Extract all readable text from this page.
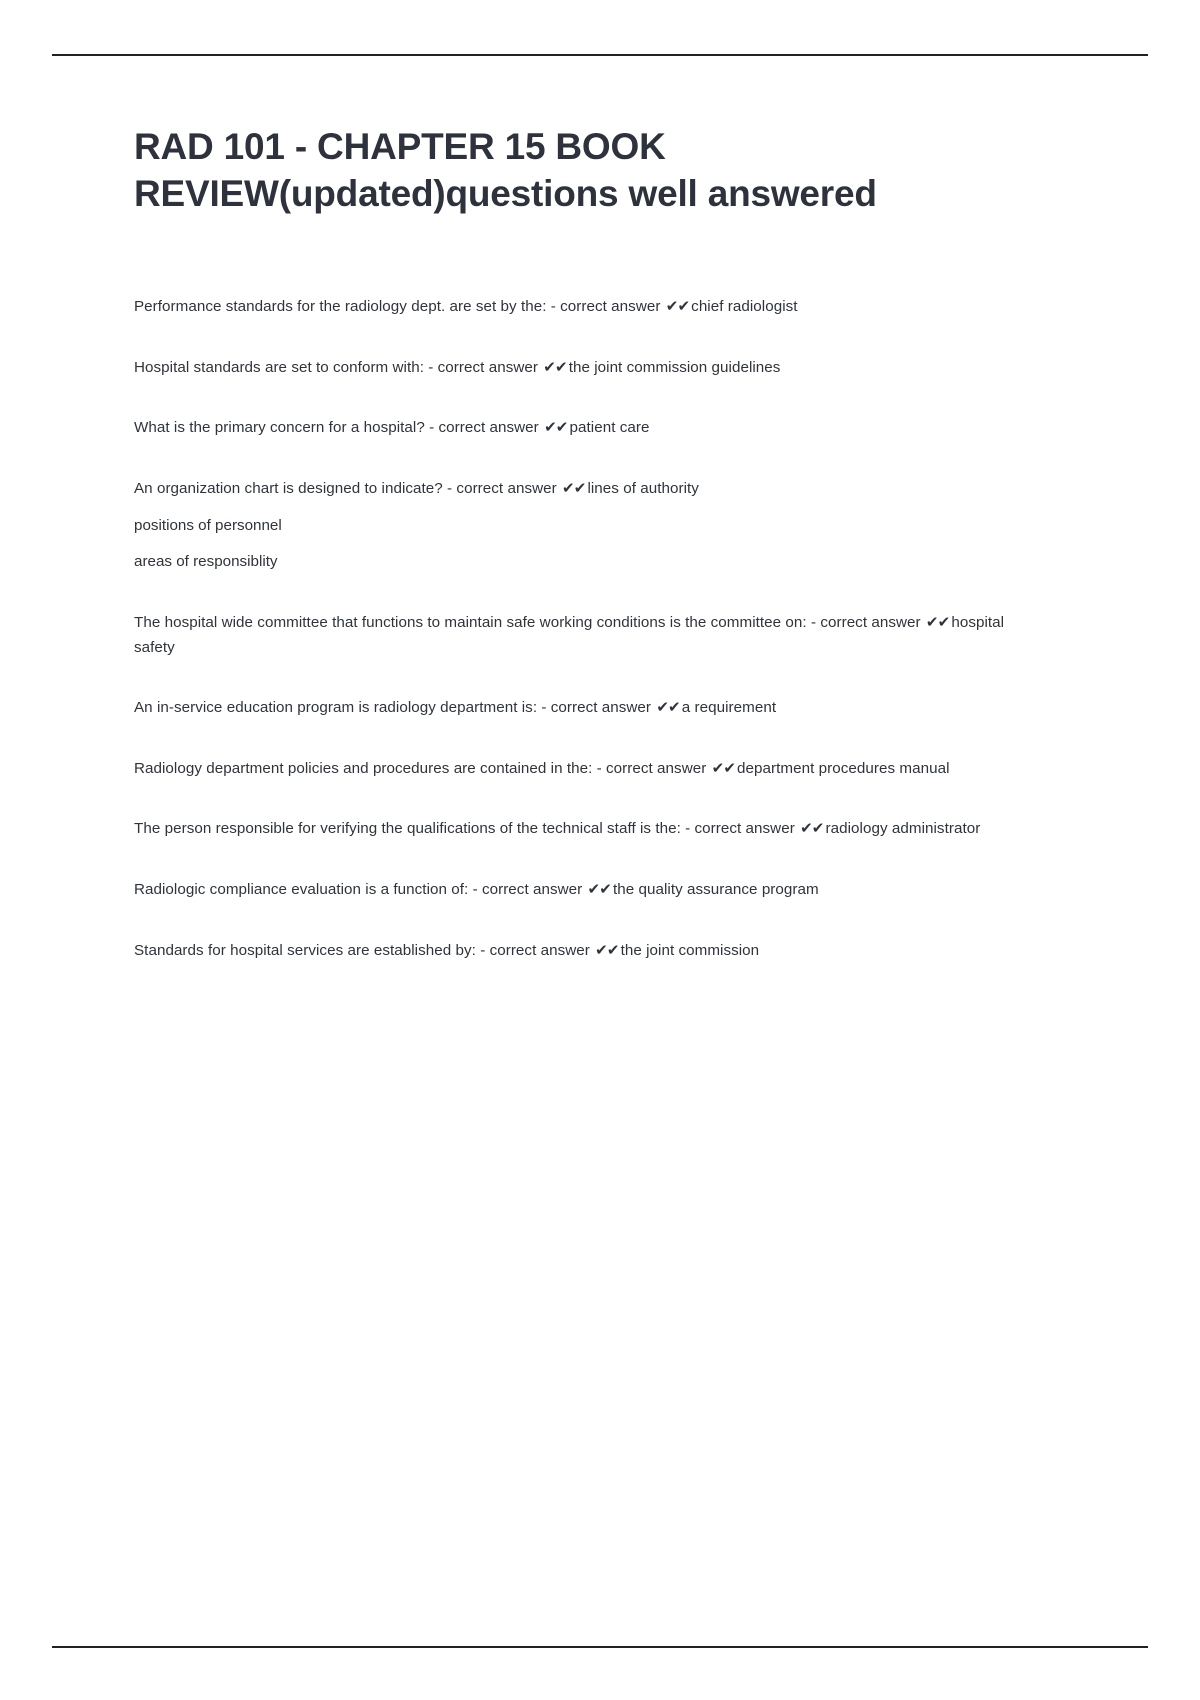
RAD 101 - CHAPTER 15 BOOK REVIEW(updated)questions well answered

Performance standards for the radiology dept. are set by the: - correct answer ✔✔ chief radiologist

Hospital standards are set to conform with: - correct answer ✔✔ the joint commission guidelines

What is the primary concern for a hospital? - correct answer ✔✔ patient care

An organization chart is designed to indicate? - correct answer ✔✔ lines of authority

positions of personnel

areas of responsiblity

The hospital wide committee that functions to maintain safe working conditions is the committee on: - correct answer ✔✔ hospital safety

An in-service education program is radiology department is: - correct answer ✔✔ a requirement

Radiology department policies and procedures are contained in the: - correct answer ✔✔ department procedures manual

The person responsible for verifying the qualifications of the technical staff is the: - correct answer ✔✔ radiology administrator

Radiologic compliance evaluation is a function of: - correct answer ✔✔ the quality assurance program

Standards for hospital services are established by: - correct answer ✔✔ the joint commission
